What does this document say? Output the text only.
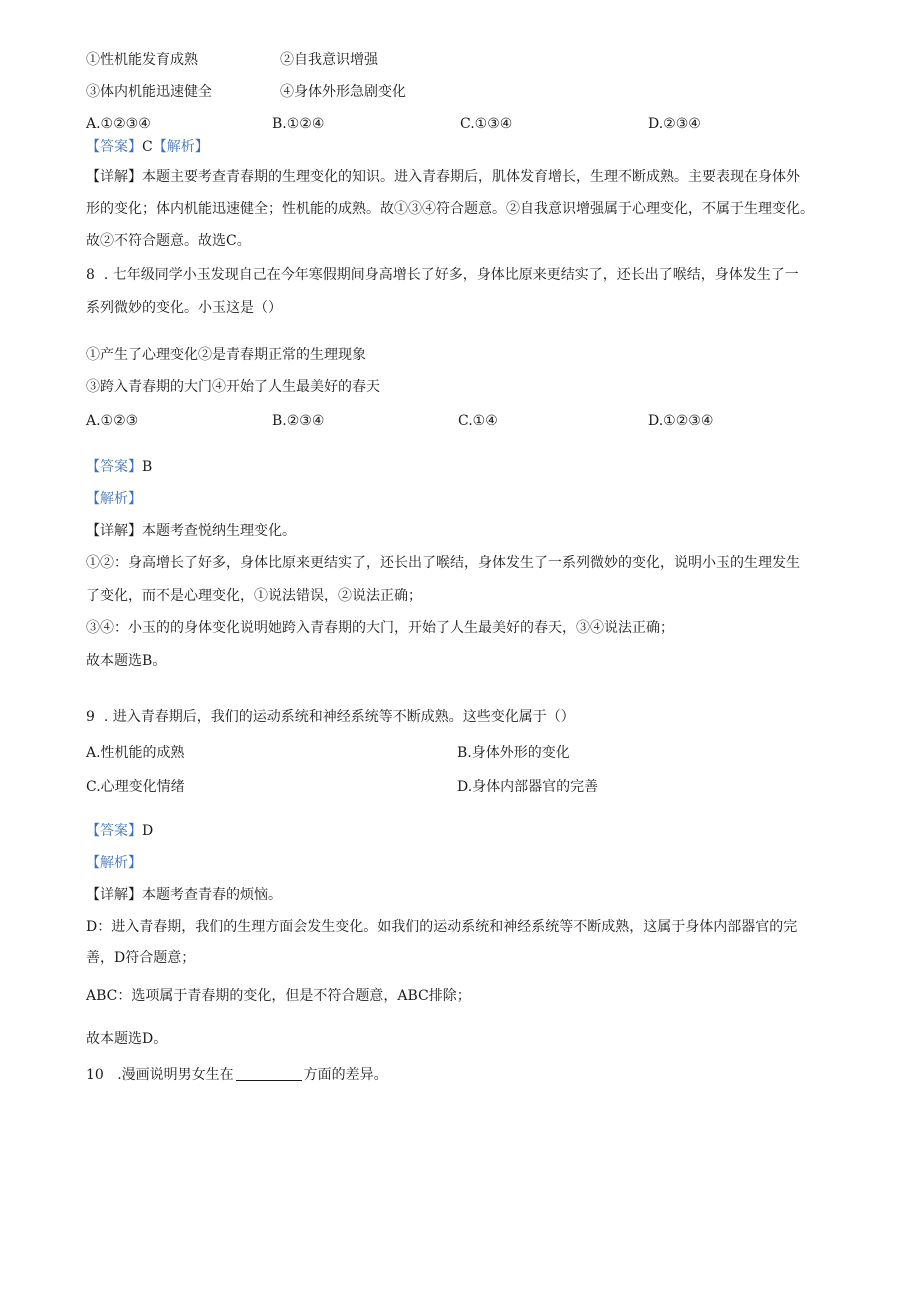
①性机能发育成熟	②自我意识增强
③体内机能迅速健全	④身体外形急剧变化
A.①②③④	B.①②④	C.①③④	D.②③④
【答案】C【解析】
【详解】本题主要考查青春期的生理变化的知识。进入青春期后，肌体发育增长，生理不断成熟。主要表现在身体外
形的变化；体内机能迅速健全；性机能的成熟。故①③④符合题意。②自我意识增强属于心理变化，不属于生理变化。
故②不符合题意。故选C。
8 . 七年级同学小玉发现自己在今年寒假期间身高增长了好多，身体比原来更结实了，还长出了喉结，身体发生了一
系列微妙的变化。小玉这是（）
①产生了心理变化②是青春期正常的生理现象
③跨入青春期的大门④开始了人生最美好的春天
A.①②③	B.②③④	C.①④	D.①②③④
【答案】B
【解析】
【详解】本题考查悦纳生理变化。
①②：身高增长了好多，身体比原来更结实了，还长出了喉结，身体发生了一系列微妙的变化，说明小玉的生理发生
了变化，而不是心理变化，①说法错误，②说法正确；
③④：小玉的的身体变化说明她跨入青春期的大门，开始了人生最美好的春天，③④说法正确；
故本题选B。
9 . 进入青春期后，我们的运动系统和神经系统等不断成熟。这些变化属于（）
A.性机能的成熟	B.身体外形的变化
C.心理变化情绪	D.身体内部器官的完善
【答案】D
【解析】
【详解】本题考查青春的烦恼。
D：进入青春期，我们的生理方面会发生变化。如我们的运动系统和神经系统等不断成熟，这属于身体内部器官的完
善，D符合题意；
ABC：选项属于青春期的变化，但是不符合题意，ABC排除；
故本题选D。
10 .漫画说明男女生在	方面的差异。
